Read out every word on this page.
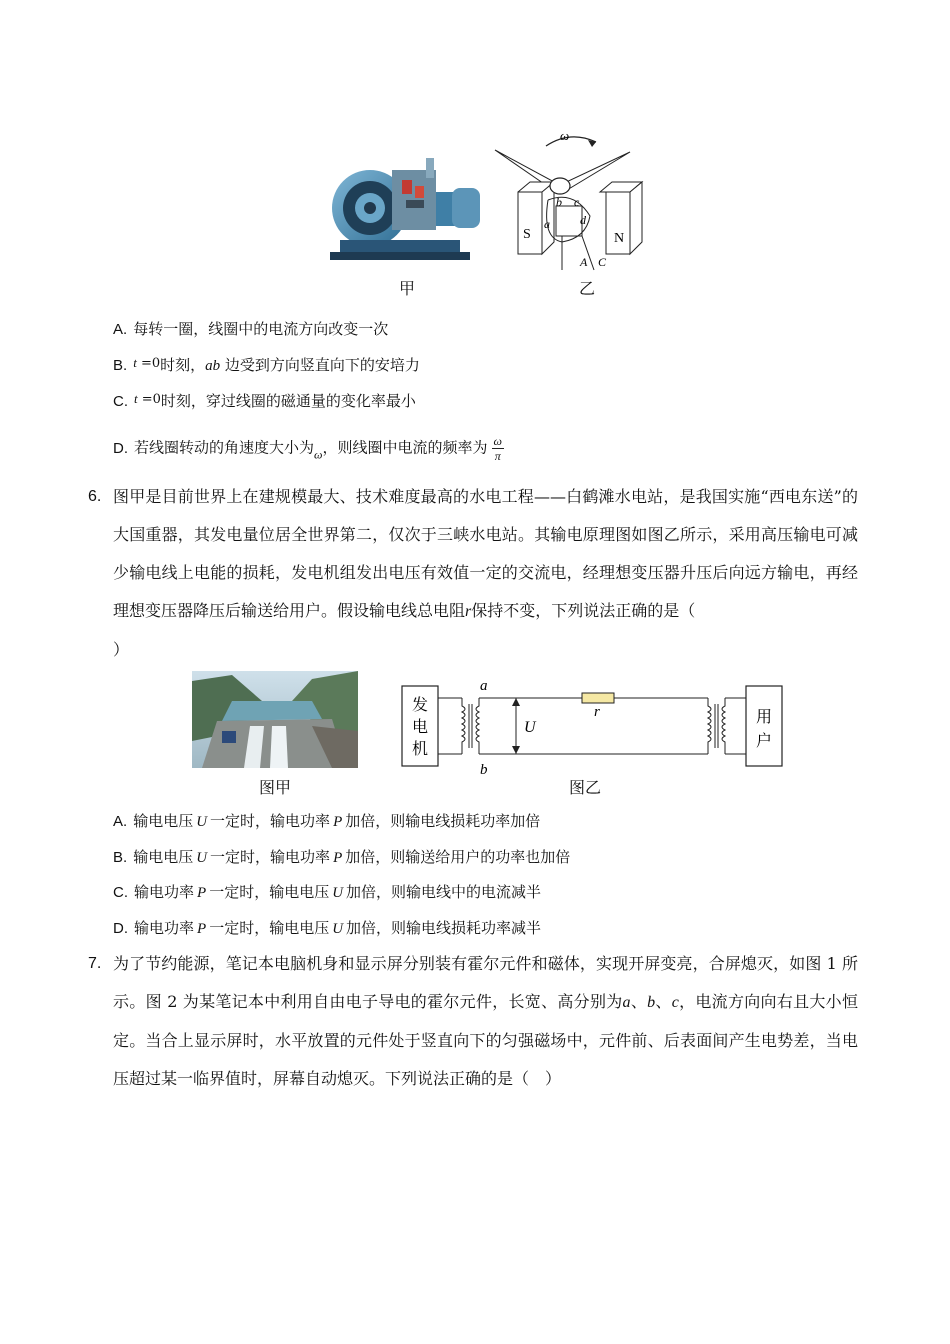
甲
ω
S	N
b c
a	d
A C
乙
A. 每转一圈，线圈中的电流方向改变一次
B. t =0时刻，ab 边受到方向竖直向下的安培力
C. t =0时刻，穿过线圈的磁通量的变化率最小
D. 若线圈转动的角速度大小为$_\omega$，则线圈中电流的频率为 $\frac{\omega}{\pi}$
6. 图甲是目前世界上在建规模最大、技术难度最高的水电工程——白鹤滩水电站，是我国实施“西电东送”的大国重器，其发电量位居全世界第二，仅次于三峡水电站。其输电原理图如图乙所示，采用高压输电可减少输电线上电能的损耗，发电机组发出电压有效值一定的交流电，经理想变压器升压后向远方输电，再经理想变压器降压后输送给用户。假设输电线总电阻r保持不变，下列说法正确的是（
）
图甲
发
电
机
U
a
b
r	用
户
图乙
A. 输电电压 U 一定时，输电功率 P 加倍，则输电线损耗功率加倍
B. 输电电压 U 一定时，输电功率 P 加倍，则输送给用户的功率也加倍
C. 输电功率 P 一定时，输电电压 U 加倍，则输电线中的电流减半
D. 输电功率 P 一定时，输电电压 U 加倍，则输电线损耗功率减半
7. 为了节约能源，笔记本电脑机身和显示屏分别装有霍尔元件和磁体，实现开屏变亮，合屏熄灭，如图 1 所示。图 2 为某笔记本中利用自由电子导电的霍尔元件，长宽、高分别为a、b、c，电流方向向右且大小恒定。当合上显示屏时，水平放置的元件处于竖直向下的匀强磁场中，元件前、后表面间产生电势差，当电压超过某一临界值时，屏幕自动熄灭。下列说法正确的是（　）
